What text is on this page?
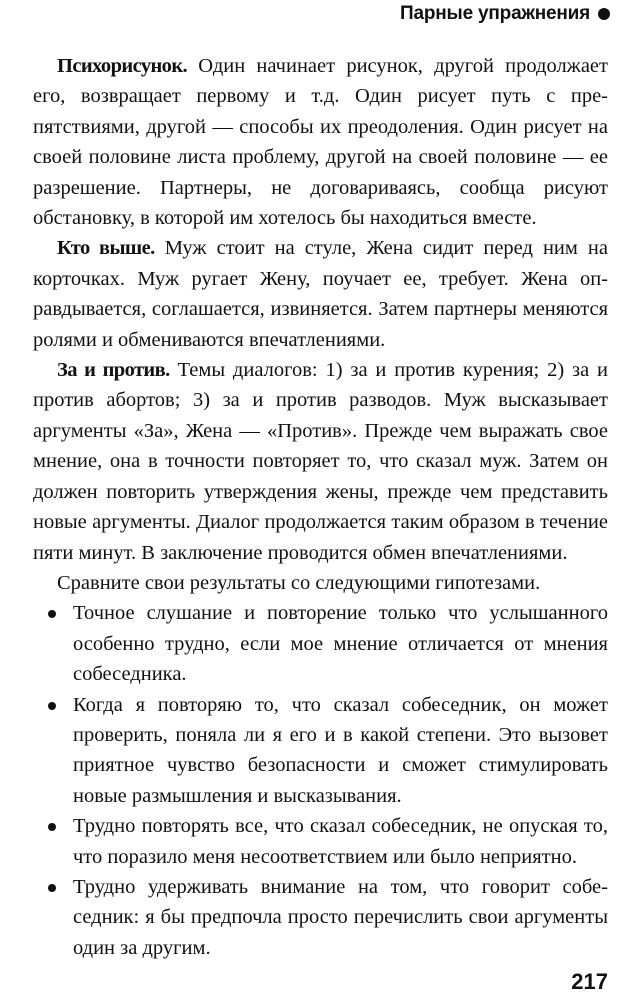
Парные упражнения

Психорисунок. Один начинает рисунок, другой продолжает его, возвращает первому и т.д. Один рисует путь с препятствиями, другой — способы их преодоления. Один рисует на своей половине листа проблему, другой на своей половине — ее разрешение. Партнеры, не договариваясь, сообща рисуют обстановку, в которой им хотелось бы находиться вместе.

Кто выше. Муж стоит на стуле, Жена сидит перед ним на корточках. Муж ругает Жену, поучает ее, требует. Жена оправдывается, соглашается, извиняется. Затем партнеры меняются ролями и обмениваются впечатлениями.

За и против. Темы диалогов: 1) за и против курения; 2) за и против абортов; 3) за и против разводов. Муж высказывает аргументы «За», Жена — «Против». Прежде чем выражать свое мнение, она в точности повторяет то, что сказал муж. Затем он должен повторить утверждения жены, прежде чем представить новые аргументы. Диалог продолжается таким образом в течение пяти минут. В заключение проводится обмен впечатлениями.

Сравните свои результаты со следующими гипотезами.

Точное слушание и повторение только что услышанного особенно трудно, если мое мнение отличается от мнения собеседника.
Когда я повторяю то, что сказал собеседник, он может проверить, поняла ли я его и в какой степени. Это вызовет приятное чувство безопасности и сможет стимулировать новые размышления и высказывания.
Трудно повторять все, что сказал собеседник, не опуская то, что поразило меня несоответствием или было неприятно.
Трудно удерживать внимание на том, что говорит собеседник: я бы предпочла просто перечислить свои аргументы один за другим.
217
